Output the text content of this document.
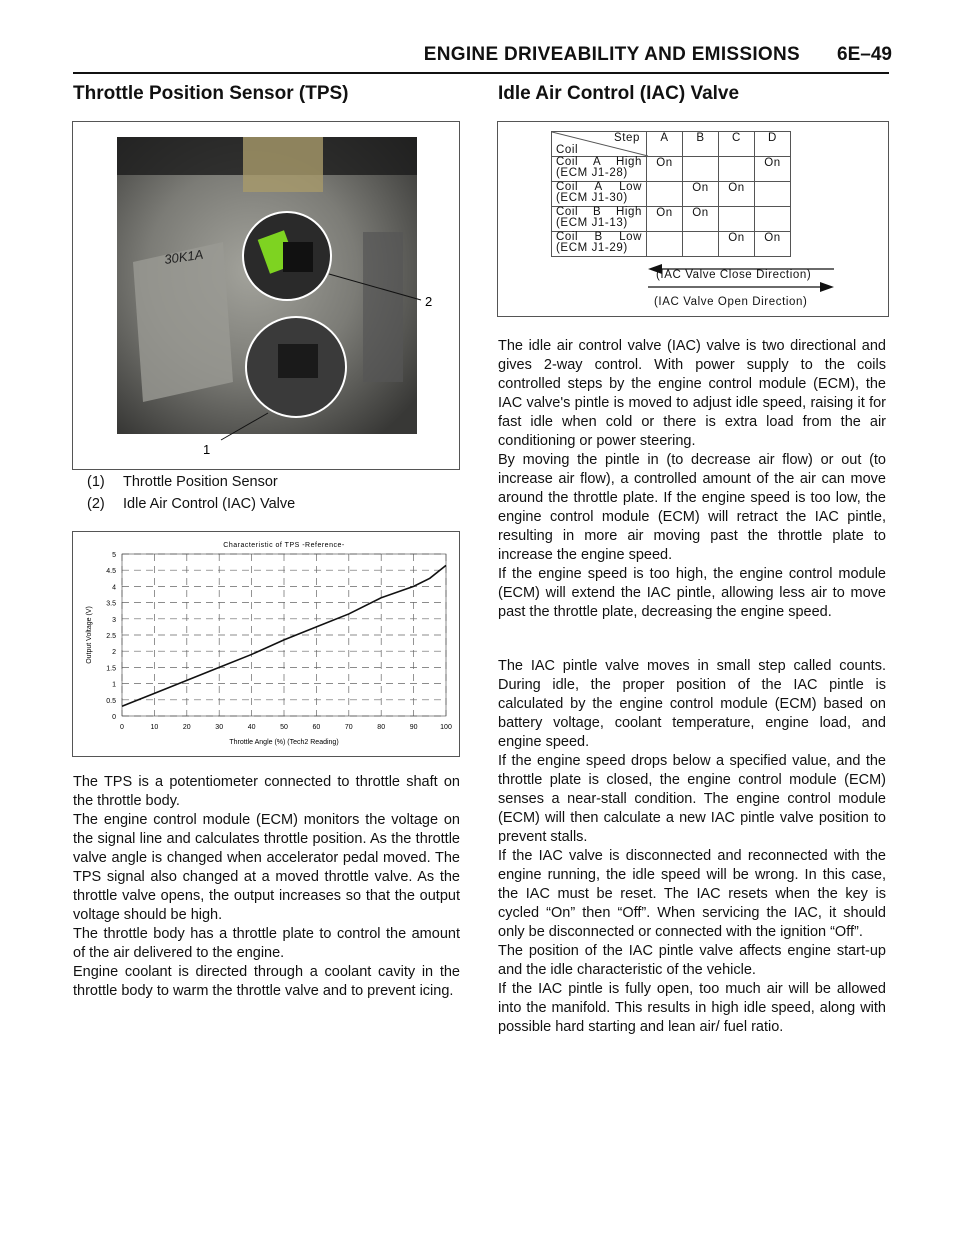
ENGINE DRIVEABILITY AND EMISSIONS	6E–49
Throttle Position Sensor (TPS)
30K1A
2
1
(1) Throttle Position Sensor
(2) Idle Air Control (IAC) Valve
0
0.5
1
1.5
2
2.5
3
3.5
4
4.5
5
0	10	20	30	40	50	60	70	80	90	100
Characteristic of TPS -Reference-
Throttle Angle (%) (Tech2 Reading)
Output Voltage (V)

The TPS is a potentiometer connected to throttle shaft on the throttle body.

The engine control module (ECM) monitors the voltage on the signal line and calculates throttle position. As the throttle valve angle is changed when accelerator pedal moved. The TPS signal also changed at a moved throttle valve. As the throttle valve opens, the output increases so that the output voltage should be high.

The throttle body has a throttle plate to control the amount of the air delivered to the engine.

Engine coolant is directed through a coolant cavity in the throttle body to warm the throttle valve and to prevent icing.

Idle Air Control (IAC) Valve
Step
Coil	A	B	C	D

Coil A High
(ECM J1-28)	On			On

Coil A Low
(ECM J1-30)		On	On	

Coil B High
(ECM J1-13)	On	On		

Coil B Low
(ECM J1-29)			On	On
(IAC Valve Close Direction)
(IAC Valve Open Direction)

The idle air control valve (IAC) valve is two directional and gives 2-way control. With power supply to the coils controlled steps by the engine control module (ECM), the IAC valve's pintle is moved to adjust idle speed, raising it for fast idle when cold or there is extra load from the air conditioning or power steering.

By moving the pintle in (to decrease air flow) or out (to increase air flow), a controlled amount of the air can move around the throttle plate. If the engine speed is too low, the engine control module (ECM) will retract the IAC pintle, resulting in more air moving past the throttle plate to increase the engine speed.

If the engine speed is too high, the engine control module (ECM) will extend the IAC pintle, allowing less air to move past the throttle plate, decreasing the engine speed.

The IAC pintle valve moves in small step called counts. During idle, the proper position of the IAC pintle is calculated by the engine control module (ECM) based on battery voltage, coolant temperature, engine load, and engine speed.

If the engine speed drops below a specified value, and the throttle plate is closed, the engine control module (ECM) senses a near-stall condition. The engine control module (ECM) will then calculate a new IAC pintle valve position to prevent stalls.

If the IAC valve is disconnected and reconnected with the engine running, the idle speed will be wrong. In this case, the IAC must be reset. The IAC resets when the key is cycled “On” then “Off”. When servicing the IAC, it should only be disconnected or connected with the ignition “Off”.

The position of the IAC pintle valve affects engine start-up and the idle characteristic of the vehicle.

If the IAC pintle is fully open, too much air will be allowed into the manifold. This results in high idle speed, along with possible hard starting and lean air/ fuel ratio.
